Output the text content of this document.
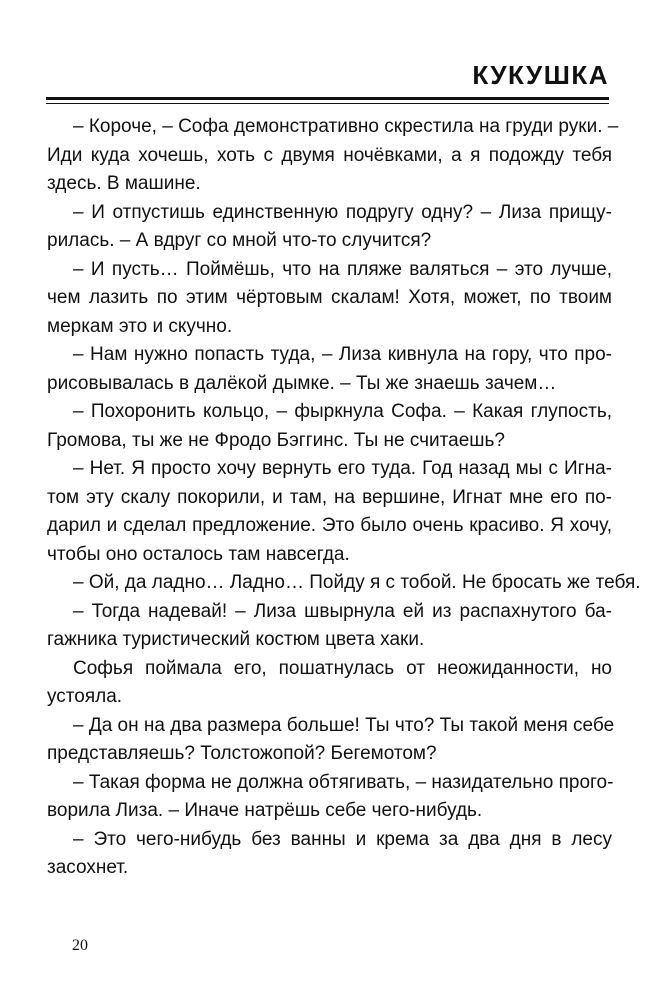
КУКУШКА
– Короче, – Софа демонстративно скрестила на груди руки. –
Иди куда хочешь, хоть с двумя ночёвками, а я подожду тебя
здесь. В машине.
– И отпустишь единственную подругу одну? – Лиза прищу-
рилась. – А вдруг со мной что-то случится?
– И пусть… Поймёшь, что на пляже валяться – это лучше,
чем лазить по этим чёртовым скалам! Хотя, может, по твоим
меркам это и скучно.
– Нам нужно попасть туда, – Лиза кивнула на гору, что про-
рисовывалась в далёкой дымке. – Ты же знаешь зачем…
– Похоронить кольцо, – фыркнула Софа. – Какая глупость,
Громова, ты же не Фродо Бэггинс. Ты не считаешь?
– Нет. Я просто хочу вернуть его туда. Год назад мы с Игна-
том эту скалу покорили, и там, на вершине, Игнат мне его по-
дарил и сделал предложение. Это было очень красиво. Я хочу,
чтобы оно осталось там навсегда.
– Ой, да ладно… Ладно… Пойду я с тобой. Не бросать же тебя.
– Тогда надевай! – Лиза швырнула ей из распахнутого ба-
гажника туристический костюм цвета хаки.
Софья поймала его, пошатнулась от неожиданности, но
устояла.
– Да он на два размера больше! Ты что? Ты такой меня себе
представляешь? Толстожопой? Бегемотом?
– Такая форма не должна обтягивать, – назидательно прого-
ворила Лиза. – Иначе натрёшь себе чего-нибудь.
– Это чего-нибудь без ванны и крема за два дня в лесу
засохнет.
20
